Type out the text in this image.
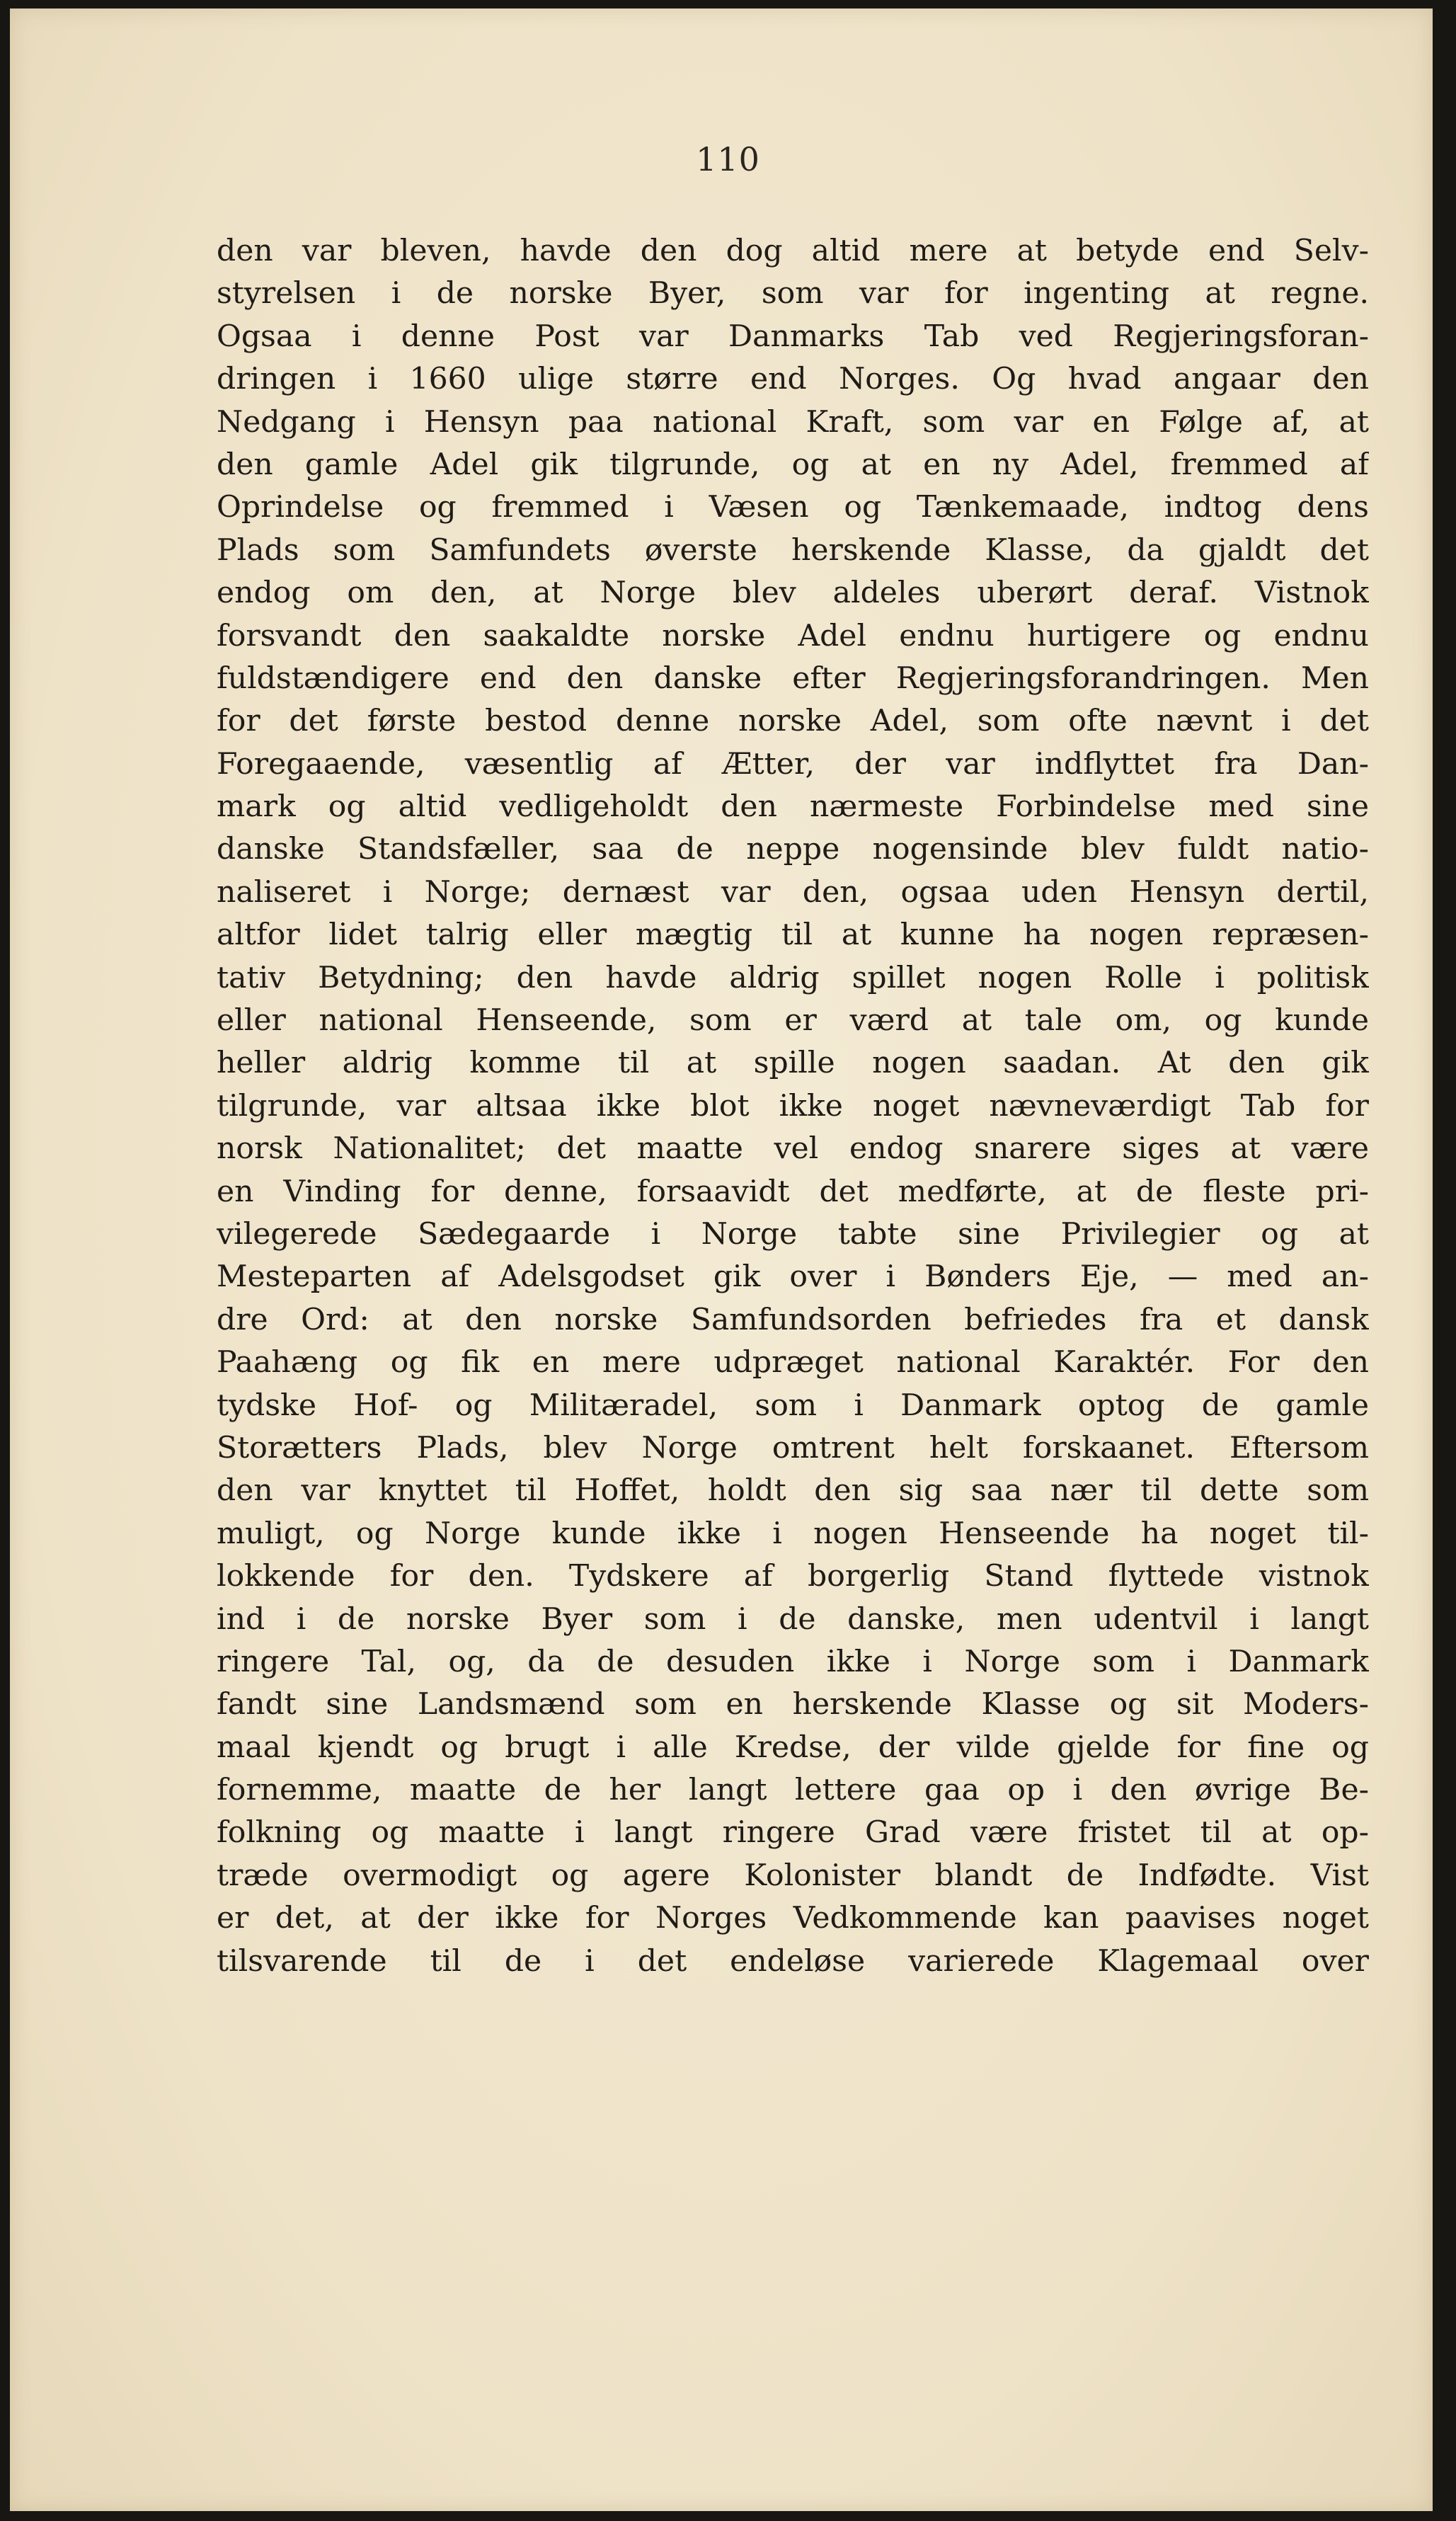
110
den var bleven, havde den dog altid mere at betyde end Selv-
styrelsen i de norske Byer, som var for ingenting at regne.
Ogsaa i denne Post var Danmarks Tab ved Regjeringsforan-
dringen i 1660 ulige større end Norges. Og hvad angaar den
Nedgang i Hensyn paa national Kraft, som var en Følge af, at
den gamle Adel gik tilgrunde, og at en ny Adel, fremmed af
Oprindelse og fremmed i Væsen og Tænkemaade, indtog dens
Plads som Samfundets øverste herskende Klasse, da gjaldt det
endog om den, at Norge blev aldeles uberørt deraf. Vistnok
forsvandt den saakaldte norske Adel endnu hurtigere og endnu
fuldstændigere end den danske efter Regjeringsforandringen. Men
for det første bestod denne norske Adel, som ofte nævnt i det
Foregaaende, væsentlig af Ætter, der var indflyttet fra Dan-
mark og altid vedligeholdt den nærmeste Forbindelse med sine
danske Standsfæller, saa de neppe nogensinde blev fuldt natio-
naliseret i Norge; dernæst var den, ogsaa uden Hensyn dertil,
altfor lidet talrig eller mægtig til at kunne ha nogen repræsen-
tativ Betydning; den havde aldrig spillet nogen Rolle i politisk
eller national Henseende, som er værd at tale om, og kunde
heller aldrig komme til at spille nogen saadan. At den gik
tilgrunde, var altsaa ikke blot ikke noget nævneværdigt Tab for
norsk Nationalitet; det maatte vel endog snarere siges at være
en Vinding for denne, forsaavidt det medførte, at de fleste pri-
vilegerede Sædegaarde i Norge tabte sine Privilegier og at
Mesteparten af Adelsgodset gik over i Bønders Eje, — med an-
dre Ord: at den norske Samfundsorden befriedes fra et dansk
Paahæng og fik en mere udpræget national Karaktér. For den
tydske Hof- og Militæradel, som i Danmark optog de gamle
Storætters Plads, blev Norge omtrent helt forskaanet. Eftersom
den var knyttet til Hoffet, holdt den sig saa nær til dette som
muligt, og Norge kunde ikke i nogen Henseende ha noget til-
lokkende for den. Tydskere af borgerlig Stand flyttede vistnok
ind i de norske Byer som i de danske, men udentvil i langt
ringere Tal, og, da de desuden ikke i Norge som i Danmark
fandt sine Landsmænd som en herskende Klasse og sit Moders-
maal kjendt og brugt i alle Kredse, der vilde gjelde for fine og
fornemme, maatte de her langt lettere gaa op i den øvrige Be-
folkning og maatte i langt ringere Grad være fristet til at op-
træde overmodigt og agere Kolonister blandt de Indfødte. Vist
er det, at der ikke for Norges Vedkommende kan paavises noget
tilsvarende til de i det endeløse varierede Klagemaal over
